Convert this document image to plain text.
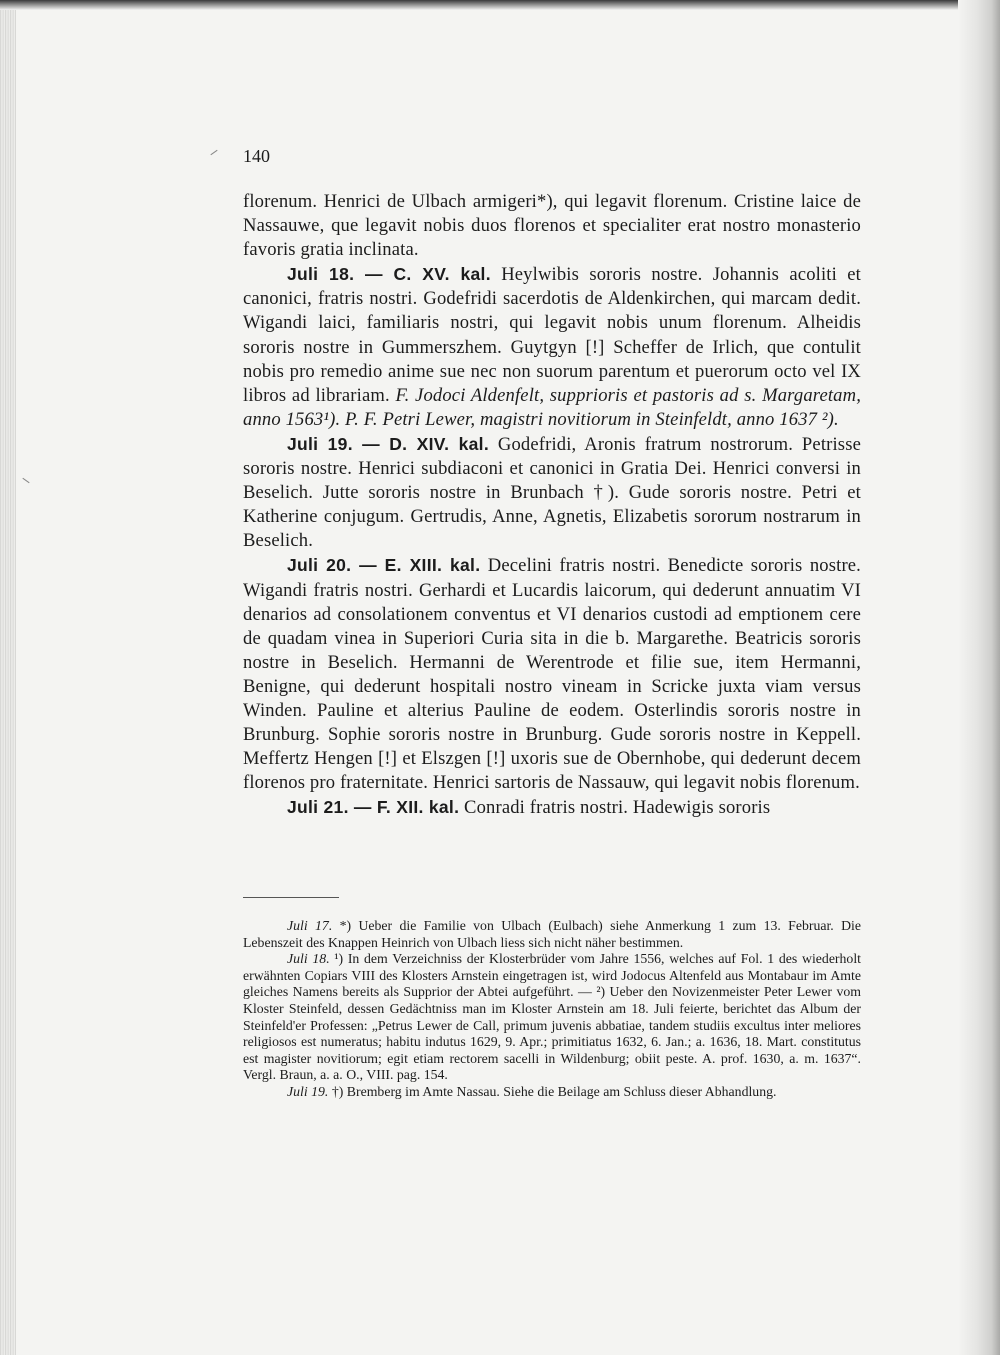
140

florenum. Henrici de Ulbach armigeri*), qui legavit florenum. Cristine laice de Nassauwe, que legavit nobis duos florenos et specialiter erat nostro monasterio favoris gratia inclinata.

Juli 18. — C. XV. kal. Heylwibis sororis nostre. Johannis acoliti et canonici, fratris nostri. Godefridi sacerdotis de Aldenkirchen, qui marcam dedit. Wigandi laici, familiaris nostri, qui legavit nobis unum florenum. Alheidis sororis nostre in Gummerszhem. Guytgyn [!] Scheffer de Irlich, que contulit nobis pro remedio anime sue nec non suorum parentum et puerorum octo vel IX libros ad librariam. F. Jodoci Aldenfelt, supprioris et pastoris ad s. Margaretam, anno 1563¹). P. F. Petri Lewer, magistri novitiorum in Steinfeldt, anno 1637 ²).

Juli 19. — D. XIV. kal. Godefridi, Aronis fratrum nostrorum. Petrisse sororis nostre. Henrici subdiaconi et canonici in Gratia Dei. Henrici conversi in Beselich. Jutte sororis nostre in Brunbach †). Gude sororis nostre. Petri et Katherine conjugum. Gertrudis, Anne, Agnetis, Elizabetis sororum nostrarum in Beselich.

Juli 20. — E. XIII. kal. Decelini fratris nostri. Benedicte sororis nostre. Wigandi fratris nostri. Gerhardi et Lucardis laicorum, qui dederunt annuatim VI denarios ad consolationem conventus et VI denarios custodi ad emptionem cere de quadam vinea in Superiori Curia sita in die b. Margarethe. Beatricis sororis nostre in Beselich. Hermanni de Werentrode et filie sue, item Hermanni, Benigne, qui dederunt hospitali nostro vineam in Scricke juxta viam versus Winden. Pauline et alterius Pauline de eodem. Osterlindis sororis nostre in Brunburg. Sophie sororis nostre in Brunburg. Gude sororis nostre in Keppell. Meffertz Hengen [!] et Elszgen [!] uxoris sue de Obernhobe, qui dederunt decem florenos pro fraternitate. Henrici sartoris de Nassauw, qui legavit nobis florenum.

Juli 21. — F. XII. kal. Conradi fratris nostri. Hadewigis sororis

Juli 17. *) Ueber die Familie von Ulbach (Eulbach) siehe Anmerkung 1 zum 13. Februar. Die Lebenszeit des Knappen Heinrich von Ulbach liess sich nicht näher bestimmen.

Juli 18. ¹) In dem Verzeichniss der Klosterbrüder vom Jahre 1556, welches auf Fol. 1 des wiederholt erwähnten Copiars VIII des Klosters Arnstein eingetragen ist, wird Jodocus Altenfeld aus Montabaur im Amte gleiches Namens bereits als Supprior der Abtei aufgeführt. — ²) Ueber den Novizenmeister Peter Lewer vom Kloster Steinfeld, dessen Gedächtniss man im Kloster Arnstein am 18. Juli feierte, berichtet das Album der Steinfeld'er Professen: „Petrus Lewer de Call, primum juvenis abbatiae, tandem studiis excultus inter meliores religiosos est numeratus; habitu indutus 1629, 9. Apr.; primitiatus 1632, 6. Jan.; a. 1636, 18. Mart. constitutus est magister novitiorum; egit etiam rectorem sacelli in Wildenburg; obiit peste. A. prof. 1630, a. m. 1637“. Vergl. Braun, a. a. O., VIII. pag. 154.

Juli 19. †) Bremberg im Amte Nassau. Siehe die Beilage am Schluss dieser Abhandlung.
